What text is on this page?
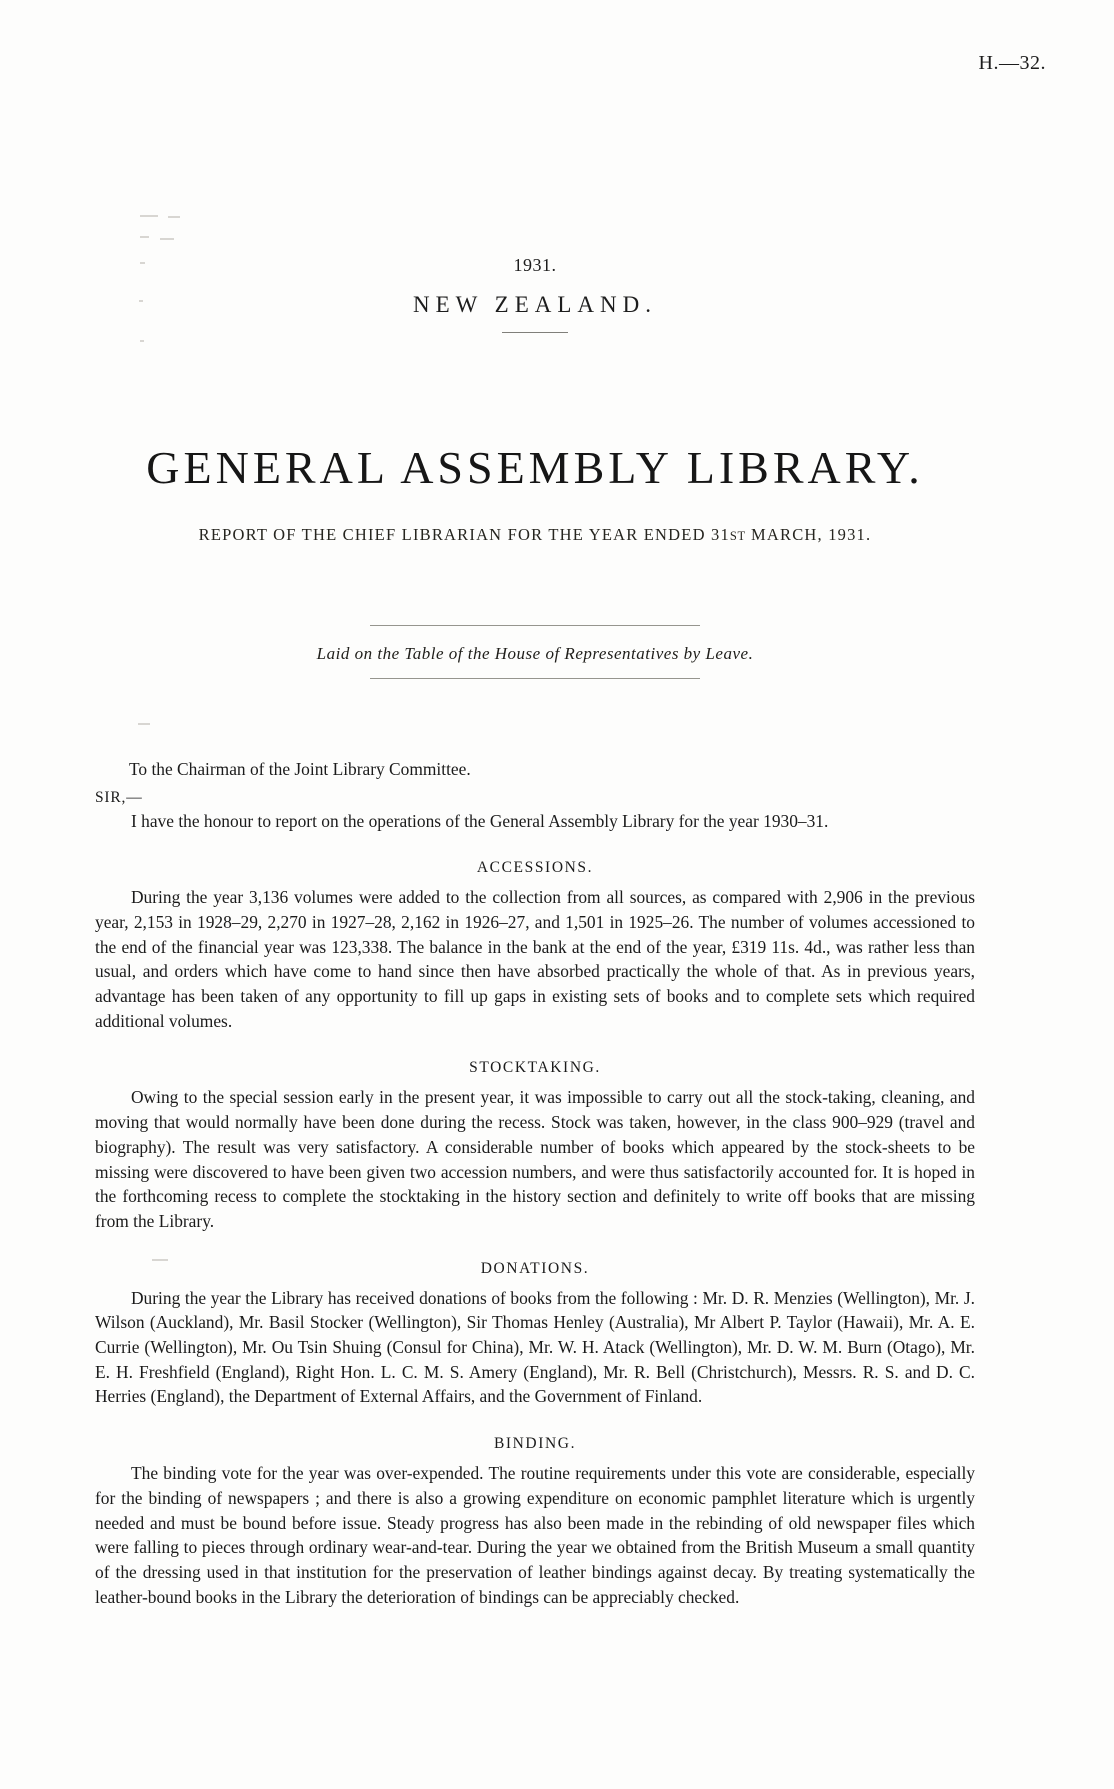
H.—32.
1931.
NEW ZEALAND.
GENERAL ASSEMBLY LIBRARY.
REPORT OF THE CHIEF LIBRARIAN FOR THE YEAR ENDED 31ST MARCH, 1931.
Laid on the Table of the House of Representatives by Leave.
To the Chairman of the Joint Library Committee.
SIR,—

I have the honour to report on the operations of the General Assembly Library for the year 1930–31.

ACCESSIONS.

During the year 3,136 volumes were added to the collection from all sources, as compared with 2,906 in the previous year, 2,153 in 1928–29, 2,270 in 1927–28, 2,162 in 1926–27, and 1,501 in 1925–26. The number of volumes accessioned to the end of the financial year was 123,338. The balance in the bank at the end of the year, £319 11s. 4d., was rather less than usual, and orders which have come to hand since then have absorbed practically the whole of that. As in previous years, advantage has been taken of any opportunity to fill up gaps in existing sets of books and to complete sets which required additional volumes.

STOCKTAKING.

Owing to the special session early in the present year, it was impossible to carry out all the stock-taking, cleaning, and moving that would normally have been done during the recess. Stock was taken, however, in the class 900–929 (travel and biography). The result was very satisfactory. A considerable number of books which appeared by the stock-sheets to be missing were discovered to have been given two accession numbers, and were thus satisfactorily accounted for. It is hoped in the forthcoming recess to complete the stocktaking in the history section and definitely to write off books that are missing from the Library.

DONATIONS.

During the year the Library has received donations of books from the following : Mr. D. R. Menzies (Wellington), Mr. J. Wilson (Auckland), Mr. Basil Stocker (Wellington), Sir Thomas Henley (Australia), Mr Albert P. Taylor (Hawaii), Mr. A. E. Currie (Wellington), Mr. Ou Tsin Shuing (Consul for China), Mr. W. H. Atack (Wellington), Mr. D. W. M. Burn (Otago), Mr. E. H. Freshfield (England), Right Hon. L. C. M. S. Amery (England), Mr. R. Bell (Christchurch), Messrs. R. S. and D. C. Herries (England), the Department of External Affairs, and the Government of Finland.

BINDING.

The binding vote for the year was over-expended. The routine requirements under this vote are considerable, especially for the binding of newspapers ; and there is also a growing expenditure on economic pamphlet literature which is urgently needed and must be bound before issue. Steady progress has also been made in the rebinding of old newspaper files which were falling to pieces through ordinary wear-and-tear. During the year we obtained from the British Museum a small quantity of the dressing used in that institution for the preservation of leather bindings against decay. By treating systematically the leather-bound books in the Library the deterioration of bindings can be appreciably checked.
